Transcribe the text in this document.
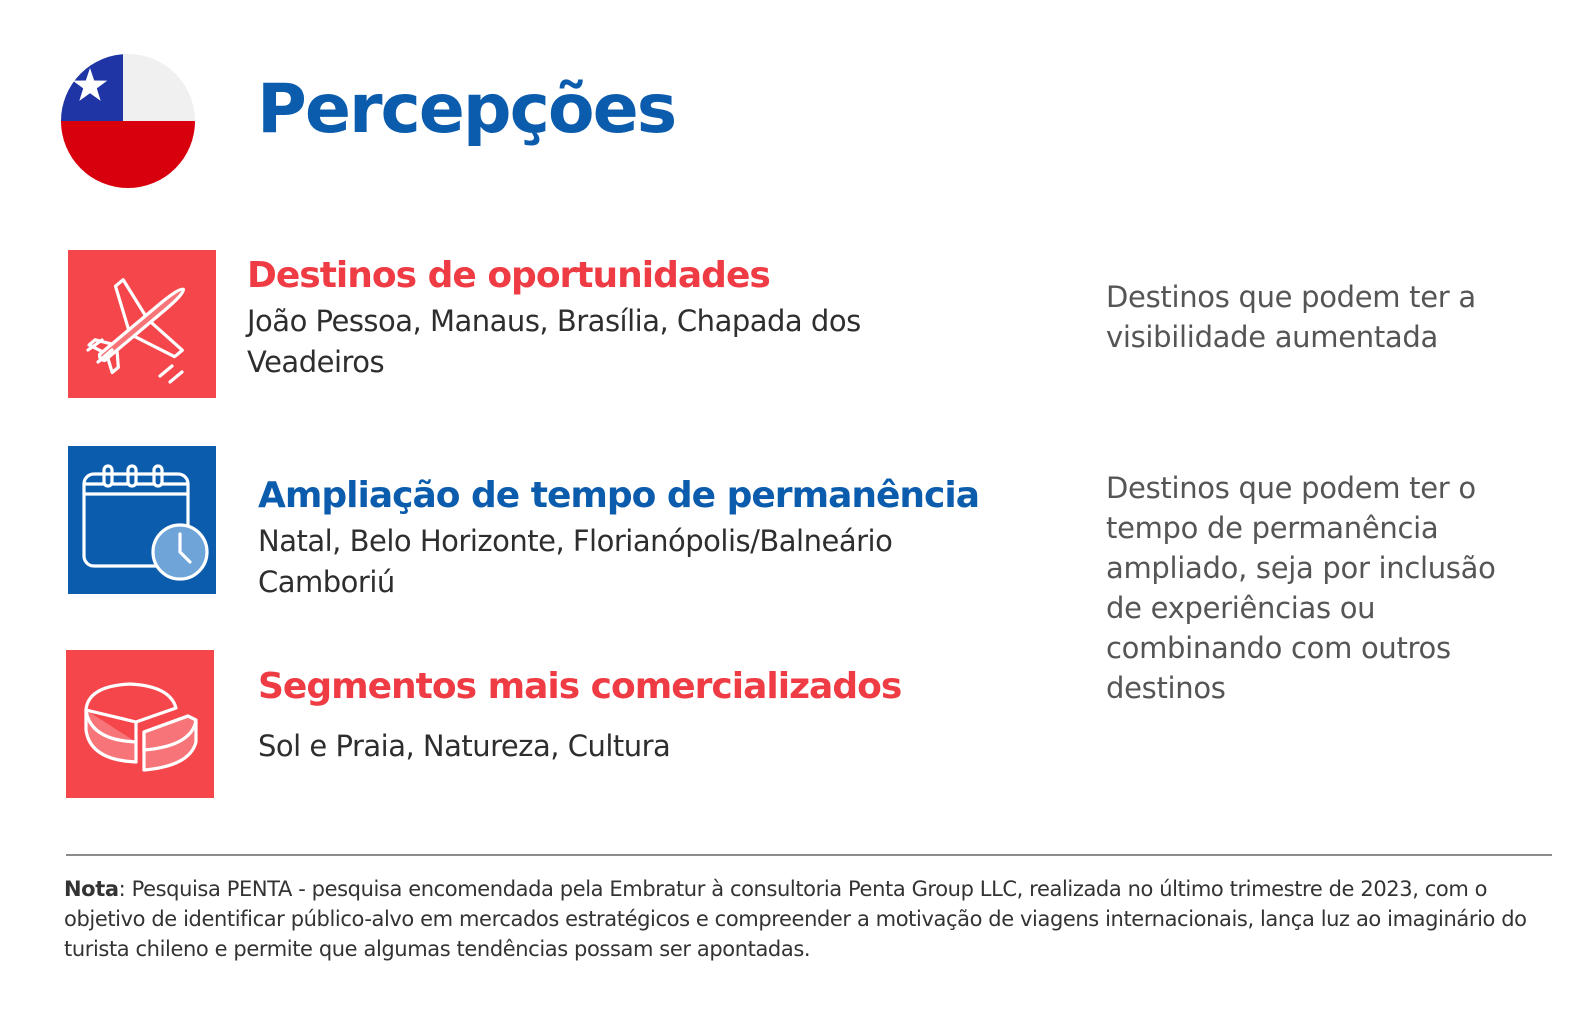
Percepções
Destinos de oportunidades
João Pessoa, Manaus, Brasília, Chapada dos Veadeiros
Ampliação de tempo de permanência
Natal, Belo Horizonte, Florianópolis/Balneário Camboriú
Segmentos mais comercializados
Sol e Praia, Natureza, Cultura
Destinos que podem ter a visibilidade aumentada
Destinos que podem ter o tempo de permanência ampliado, seja por inclusão de experiências ou combinando com outros destinos
Nota: Pesquisa PENTA - pesquisa encomendada pela Embratur à consultoria Penta Group LLC, realizada no último trimestre de 2023, com o objetivo de identificar público-alvo em mercados estratégicos e compreender a motivação de viagens internacionais, lança luz ao imaginário do turista chileno e permite que algumas tendências possam ser apontadas.
